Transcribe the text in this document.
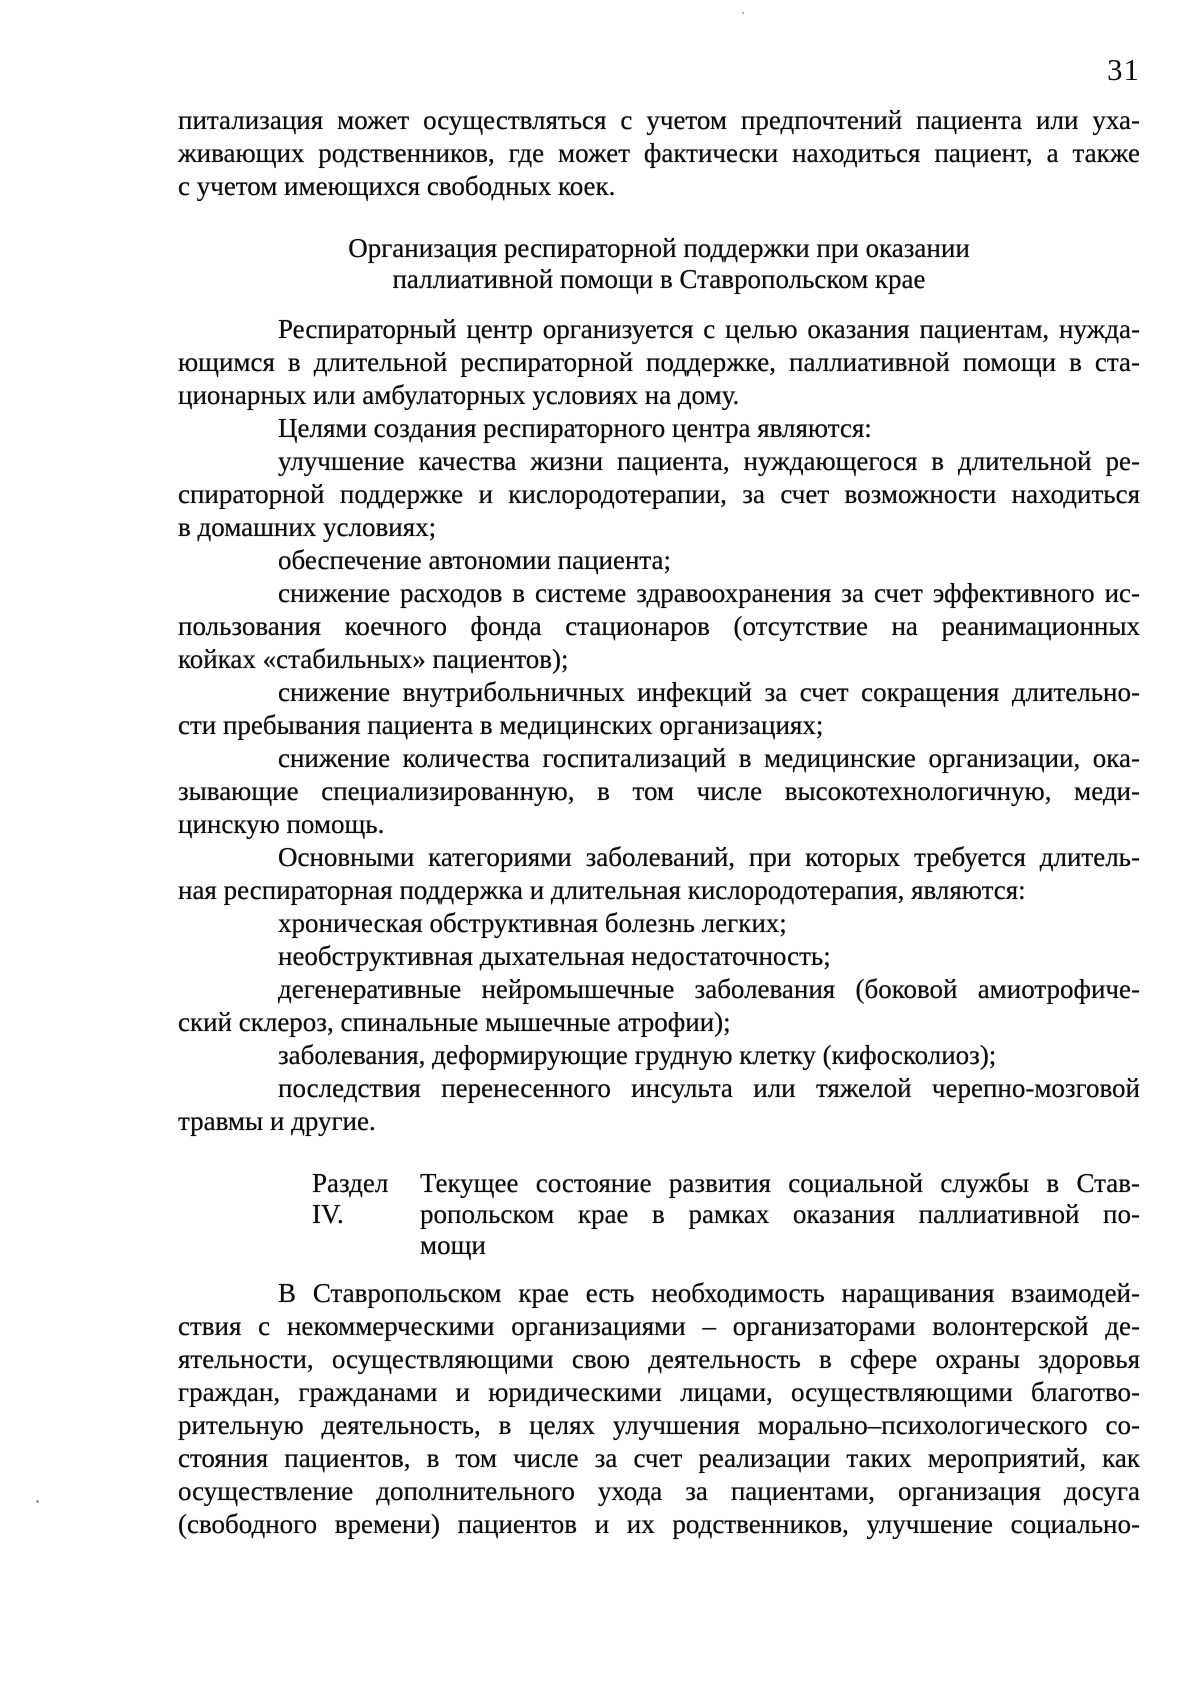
31
питализация может осуществляться с учетом предпочтений пациента или уха-
живающих родственников, где может фактически находиться пациент, а также
с учетом имеющихся свободных коек.
Организация респираторной поддержки при оказании
паллиативной помощи в Ставропольском крае
Респираторный центр организуется с целью оказания пациентам, нужда-
ющимся в длительной респираторной поддержке, паллиативной помощи в ста-
ционарных или амбулаторных условиях на дому.
Целями создания респираторного центра являются:
улучшение качества жизни пациента, нуждающегося в длительной ре-
спираторной поддержке и кислородотерапии, за счет возможности находиться
в домашних условиях;
обеспечение автономии пациента;
снижение расходов в системе здравоохранения за счет эффективного ис-
пользования коечного фонда стационаров (отсутствие на реанимационных
койках «стабильных» пациентов);
снижение внутрибольничных инфекций за счет сокращения длительно-
сти пребывания пациента в медицинских организациях;
снижение количества госпитализаций в медицинские организации, ока-
зывающие специализированную, в том числе высокотехнологичную, меди-
цинскую помощь.
Основными категориями заболеваний, при которых требуется длитель-
ная респираторная поддержка и длительная кислородотерапия, являются:
хроническая обструктивная болезнь легких;
необструктивная дыхательная недостаточность;
дегенеративные нейромышечные заболевания (боковой амиотрофиче-
ский склероз, спинальные мышечные атрофии);
заболевания, деформирующие грудную клетку (кифосколиоз);
последствия перенесенного инсульта или тяжелой черепно-мозговой
травмы и другие.
Раздел IV.
Текущее состояние развития социальной службы в Став-
ропольском крае в рамках оказания паллиативной по-
мощи
В Ставропольском крае есть необходимость наращивания взаимодей-
ствия с некоммерческими организациями – организаторами волонтерской де-
ятельности, осуществляющими свою деятельность в сфере охраны здоровья
граждан, гражданами и юридическими лицами, осуществляющими благотво-
рительную деятельность, в целях улучшения морально–психологического со-
стояния пациентов, в том числе за счет реализации таких мероприятий, как
осуществление дополнительного ухода за пациентами, организация досуга
(свободного времени) пациентов и их родственников, улучшение социально-
